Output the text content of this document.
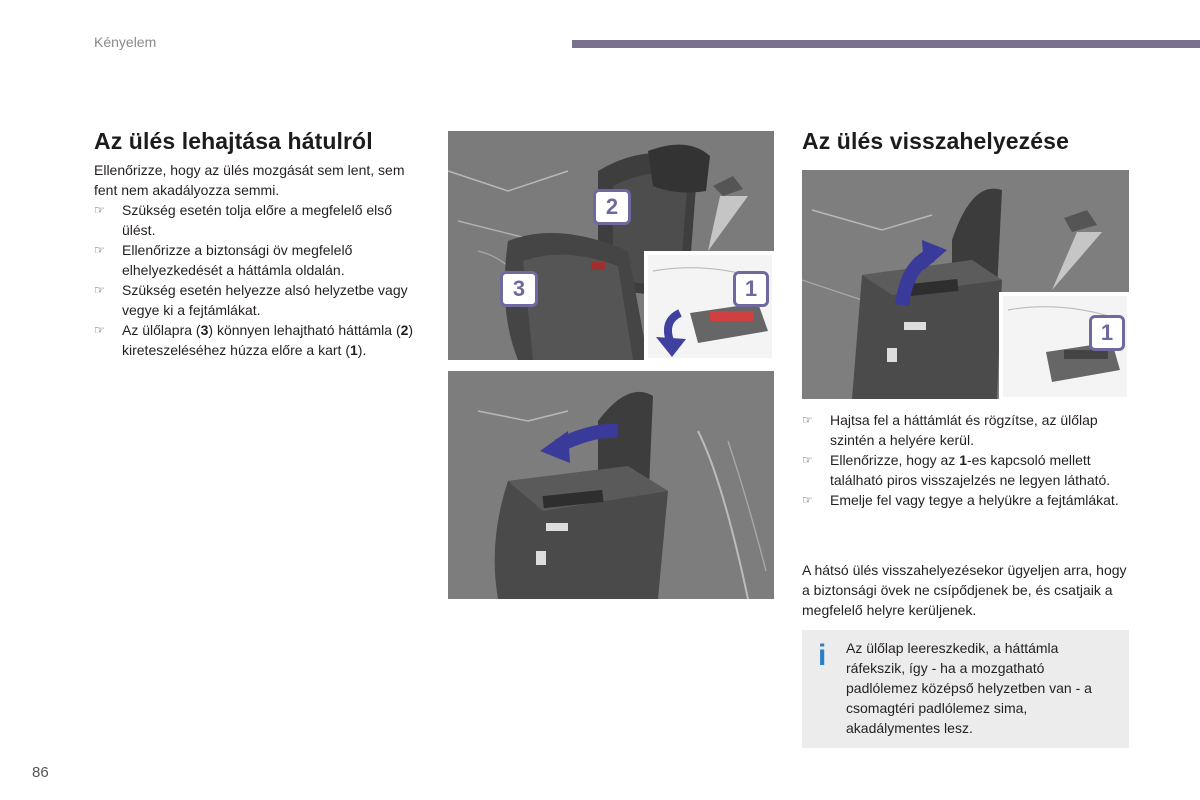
Kényelem
Az ülés lehajtása hátulról

Ellenőrizze, hogy az ülés mozgását sem lent, sem fent nem akadályozza semmi.

☞ Szükség esetén tolja előre a megfelelő első ülést.
☞ Ellenőrizze a biztonsági öv megfelelő elhelyezkedését a háttámla oldalán.
☞ Szükség esetén helyezze alsó helyzetbe vagy vegye ki a fejtámlákat.
☞ Az ülőlapra (3) könnyen lehajtható háttámla (2) kireteszeléséhez húzza előre a kart (1).
2
3	1
Az ülés visszahelyezése
1
☞ Hajtsa fel a háttámlát és rögzítse, az ülőlap szintén a helyére kerül.
☞ Ellenőrizze, hogy az 1-es kapcsoló mellett található piros visszajelzés ne legyen látható.
☞ Emelje fel vagy tegye a helyükre a fejtámlákat.

A hátsó ülés visszahelyezésekor ügyeljen arra, hogy a biztonsági övek ne csípődjenek be, és csatjaik a megfelelő helyre kerüljenek.

i Az ülőlap leereszkedik, a háttámla ráfekszik, így - ha a mozgatható padlólemez középső helyzetben van - a csomagtéri padlólemez sima, akadálymentes lesz.
86
